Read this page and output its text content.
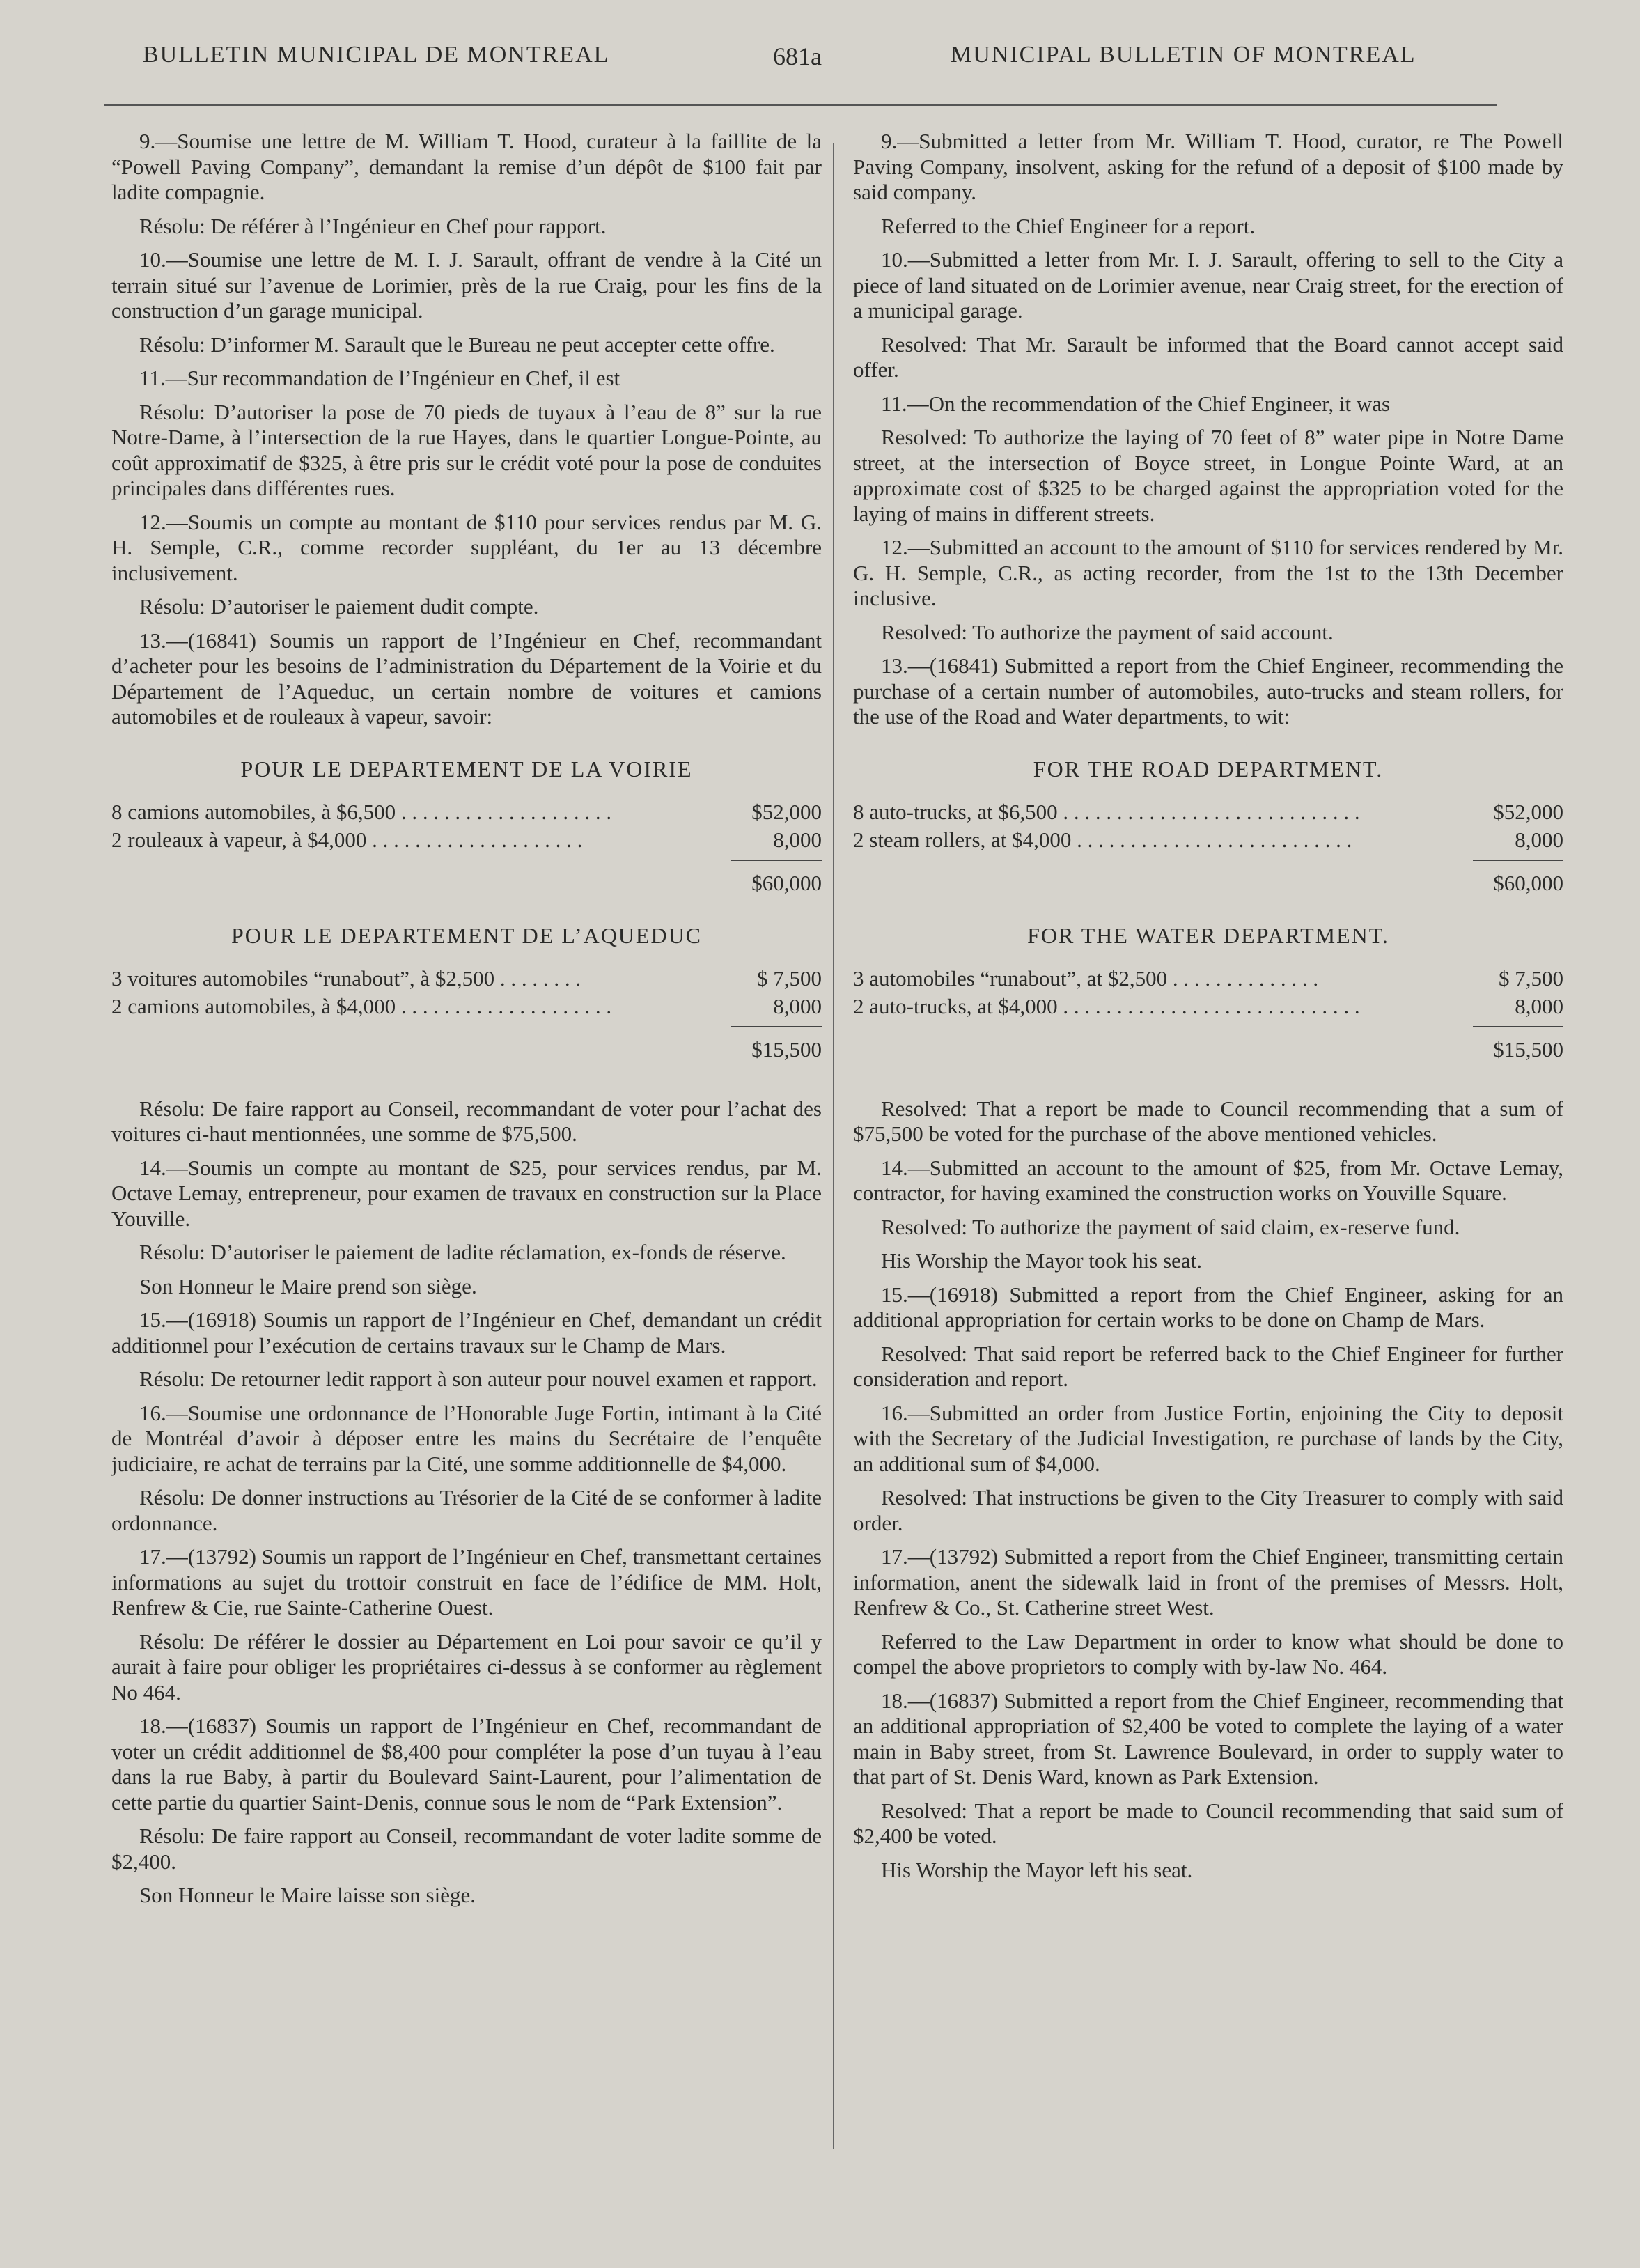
BULLETIN MUNICIPAL DE MONTREAL	681a	MUNICIPAL BULLETIN OF MONTREAL

9.—Soumise une lettre de M. William T. Hood, curateur à la faillite de la “Powell Paving Company”, demandant la remise d’un dépôt de $100 fait par ladite compagnie.

Résolu: De référer à l’Ingénieur en Chef pour rapport.

10.—Soumise une lettre de M. I. J. Sarault, offrant de vendre à la Cité un terrain situé sur l’avenue de Lorimier, près de la rue Craig, pour les fins de la construction d’un garage municipal.

Résolu: D’informer M. Sarault que le Bureau ne peut accepter cette offre.

11.—Sur recommandation de l’Ingénieur en Chef, il est

Résolu: D’autoriser la pose de 70 pieds de tuyaux à l’eau de 8” sur la rue Notre-Dame, à l’intersection de la rue Hayes, dans le quartier Longue-Pointe, au coût approximatif de $325, à être pris sur le crédit voté pour la pose de conduites principales dans différentes rues.

12.—Soumis un compte au montant de $110 pour services rendus par M. G. H. Semple, C.R., comme recorder suppléant, du 1er au 13 décembre inclusivement.

Résolu: D’autoriser le paiement dudit compte.

13.—(16841) Soumis un rapport de l’Ingénieur en Chef, recommandant d’acheter pour les besoins de l’administration du Département de la Voirie et du Département de l’Aqueduc, un certain nombre de voitures et camions automobiles et de rouleaux à vapeur, savoir:

POUR LE DEPARTEMENT DE LA VOIRIE
8 camions automobiles, à $6,500 . . . . . . . . . . . . . . . . . . . .	$52,000
2 rouleaux à vapeur, à $4,000 . . . . . . . . . . . . . . . . . . . .	8,000
$60,000
POUR LE DEPARTEMENT DE L’AQUEDUC
3 voitures automobiles “runabout”, à $2,500 . . . . . . . .	$ 7,500
2 camions automobiles, à $4,000 . . . . . . . . . . . . . . . . . . . .	8,000
$15,500

Résolu: De faire rapport au Conseil, recommandant de voter pour l’achat des voitures ci-haut mentionnées, une somme de $75,500.

14.—Soumis un compte au montant de $25, pour services rendus, par M. Octave Lemay, entrepreneur, pour examen de travaux en construction sur la Place Youville.

Résolu: D’autoriser le paiement de ladite réclamation, ex-fonds de réserve.

Son Honneur le Maire prend son siège.

15.—(16918) Soumis un rapport de l’Ingénieur en Chef, demandant un crédit additionnel pour l’exécution de certains travaux sur le Champ de Mars.

Résolu: De retourner ledit rapport à son auteur pour nouvel examen et rapport.

16.—Soumise une ordonnance de l’Honorable Juge Fortin, intimant à la Cité de Montréal d’avoir à déposer entre les mains du Secrétaire de l’enquête judiciaire, re achat de terrains par la Cité, une somme additionnelle de $4,000.

Résolu: De donner instructions au Trésorier de la Cité de se conformer à ladite ordonnance.

17.—(13792) Soumis un rapport de l’Ingénieur en Chef, transmettant certaines informations au sujet du trottoir construit en face de l’édifice de MM. Holt, Renfrew & Cie, rue Sainte-Catherine Ouest.

Résolu: De référer le dossier au Département en Loi pour savoir ce qu’il y aurait à faire pour obliger les propriétaires ci-dessus à se conformer au règlement No 464.

18.—(16837) Soumis un rapport de l’Ingénieur en Chef, recommandant de voter un crédit additionnel de $8,400 pour compléter la pose d’un tuyau à l’eau dans la rue Baby, à partir du Boulevard Saint-Laurent, pour l’alimentation de cette partie du quartier Saint-Denis, connue sous le nom de “Park Extension”.

Résolu: De faire rapport au Conseil, recommandant de voter ladite somme de $2,400.

Son Honneur le Maire laisse son siège.

9.—Submitted a letter from Mr. William T. Hood, curator, re The Powell Paving Company, insolvent, asking for the refund of a deposit of $100 made by said company.

Referred to the Chief Engineer for a report.

10.—Submitted a letter from Mr. I. J. Sarault, offering to sell to the City a piece of land situated on de Lorimier avenue, near Craig street, for the erection of a municipal garage.

Resolved: That Mr. Sarault be informed that the Board cannot accept said offer.

11.—On the recommendation of the Chief Engineer, it was

Resolved: To authorize the laying of 70 feet of 8” water pipe in Notre Dame street, at the intersection of Boyce street, in Longue Pointe Ward, at an approximate cost of $325 to be charged against the appropriation voted for the laying of mains in different streets.

12.—Submitted an account to the amount of $110 for services rendered by Mr. G. H. Semple, C.R., as acting recorder, from the 1st to the 13th December inclusive.

Resolved: To authorize the payment of said account.

13.—(16841) Submitted a report from the Chief Engineer, recommending the purchase of a certain number of automobiles, auto-trucks and steam rollers, for the use of the Road and Water departments, to wit:

FOR THE ROAD DEPARTMENT.
8 auto-trucks, at $6,500 . . . . . . . . . . . . . . . . . . . . . . . . . . . .	$52,000
2 steam rollers, at $4,000 . . . . . . . . . . . . . . . . . . . . . . . . . .	8,000
$60,000
FOR THE WATER DEPARTMENT.
3 automobiles “runabout”, at $2,500 . . . . . . . . . . . . . .	$ 7,500
2 auto-trucks, at $4,000 . . . . . . . . . . . . . . . . . . . . . . . . . . . .	8,000
$15,500

Resolved: That a report be made to Council recommending that a sum of $75,500 be voted for the purchase of the above mentioned vehicles.

14.—Submitted an account to the amount of $25, from Mr. Octave Lemay, contractor, for having examined the construction works on Youville Square.

Resolved: To authorize the payment of said claim, ex-reserve fund.

His Worship the Mayor took his seat.

15.—(16918) Submitted a report from the Chief Engineer, asking for an additional appropriation for certain works to be done on Champ de Mars.

Resolved: That said report be referred back to the Chief Engineer for further consideration and report.

16.—Submitted an order from Justice Fortin, enjoining the City to deposit with the Secretary of the Judicial Investigation, re purchase of lands by the City, an additional sum of $4,000.

Resolved: That instructions be given to the City Treasurer to comply with said order.

17.—(13792) Submitted a report from the Chief Engineer, transmitting certain information, anent the sidewalk laid in front of the premises of Messrs. Holt, Renfrew & Co., St. Catherine street West.

Referred to the Law Department in order to know what should be done to compel the above proprietors to comply with by-law No. 464.

18.—(16837) Submitted a report from the Chief Engineer, recommending that an additional appropriation of $2,400 be voted to complete the laying of a water main in Baby street, from St. Lawrence Boulevard, in order to supply water to that part of St. Denis Ward, known as Park Extension.

Resolved: That a report be made to Council recommending that said sum of $2,400 be voted.

His Worship the Mayor left his seat.
